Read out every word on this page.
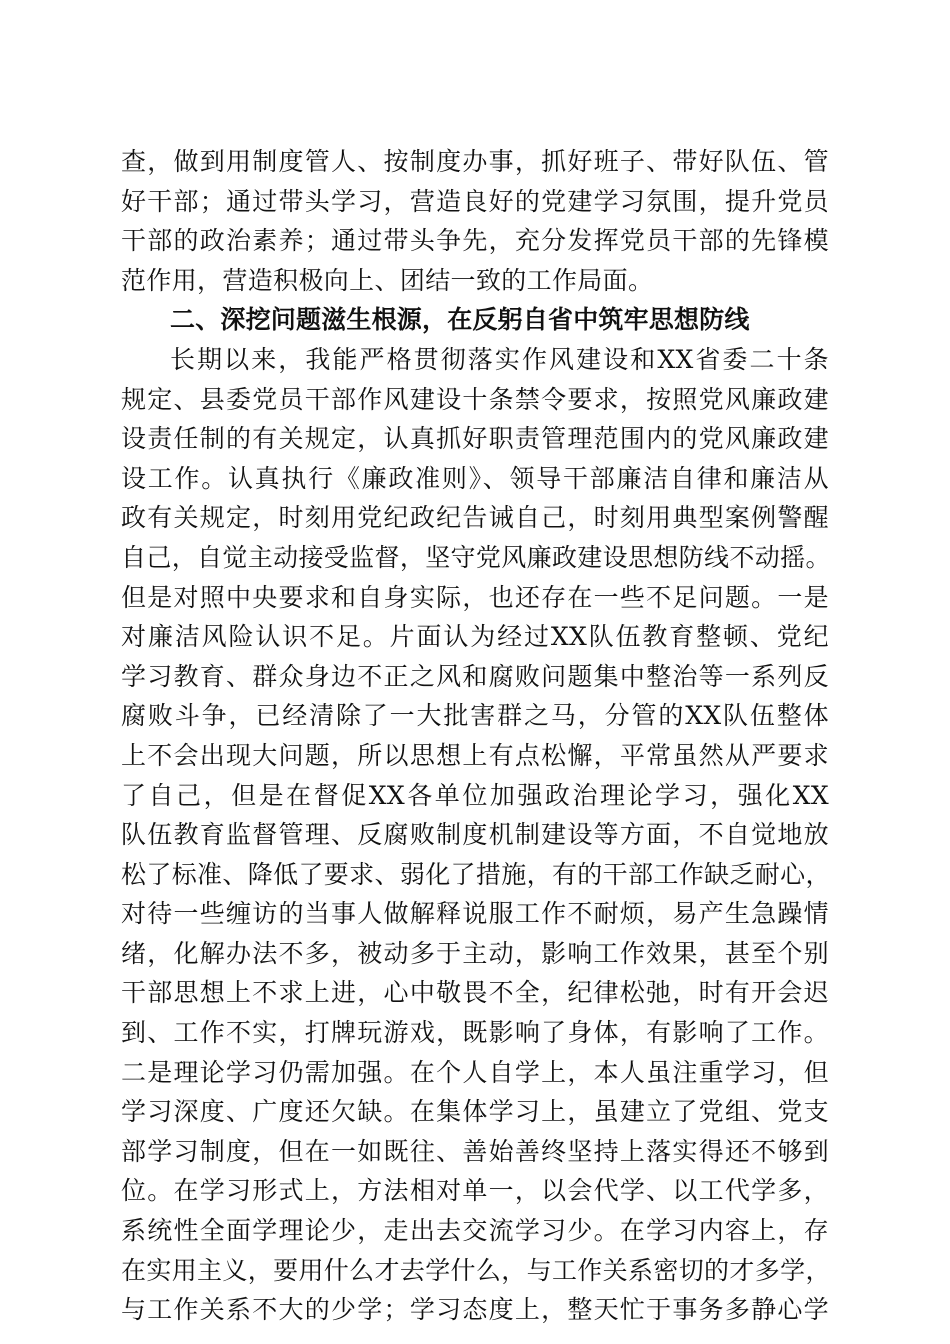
查，做到用制度管人、按制度办事，抓好班子、带好队伍、管
好干部；通过带头学习，营造良好的党建学习氛围，提升党员
干部的政治素养；通过带头争先，充分发挥党员干部的先锋模
范作用，营造积极向上、团结一致的工作局面。
二、深挖问题滋生根源，在反躬自省中筑牢思想防线
长期以来，我能严格贯彻落实作风建设和XX省委二十条
规定、县委党员干部作风建设十条禁令要求，按照党风廉政建
设责任制的有关规定，认真抓好职责管理范围内的党风廉政建
设工作。认真执行《廉政准则》、领导干部廉洁自律和廉洁从
政有关规定，时刻用党纪政纪告诫自己，时刻用典型案例警醒
自己，自觉主动接受监督，坚守党风廉政建设思想防线不动摇。
但是对照中央要求和自身实际，也还存在一些不足问题。一是
对廉洁风险认识不足。片面认为经过XX队伍教育整顿、党纪
学习教育、群众身边不正之风和腐败问题集中整治等一系列反
腐败斗争，已经清除了一大批害群之马，分管的XX队伍整体
上不会出现大问题，所以思想上有点松懈，平常虽然从严要求
了自己，但是在督促XX各单位加强政治理论学习，强化XX
队伍教育监督管理、反腐败制度机制建设等方面，不自觉地放
松了标准、降低了要求、弱化了措施，有的干部工作缺乏耐心，
对待一些缠访的当事人做解释说服工作不耐烦，易产生急躁情
绪，化解办法不多，被动多于主动，影响工作效果，甚至个别
干部思想上不求上进，心中敬畏不全，纪律松弛，时有开会迟
到、工作不实，打牌玩游戏，既影响了身体，有影响了工作。
二是理论学习仍需加强。在个人自学上，本人虽注重学习，但
学习深度、广度还欠缺。在集体学习上，虽建立了党组、党支
部学习制度，但在一如既往、善始善终坚持上落实得还不够到
位。在学习形式上，方法相对单一，以会代学、以工代学多，
系统性全面学理论少，走出去交流学习少。在学习内容上，存
在实用主义，要用什么才去学什么，与工作关系密切的才多学，
与工作关系不大的少学；学习态度上，整天忙于事务多静心学
